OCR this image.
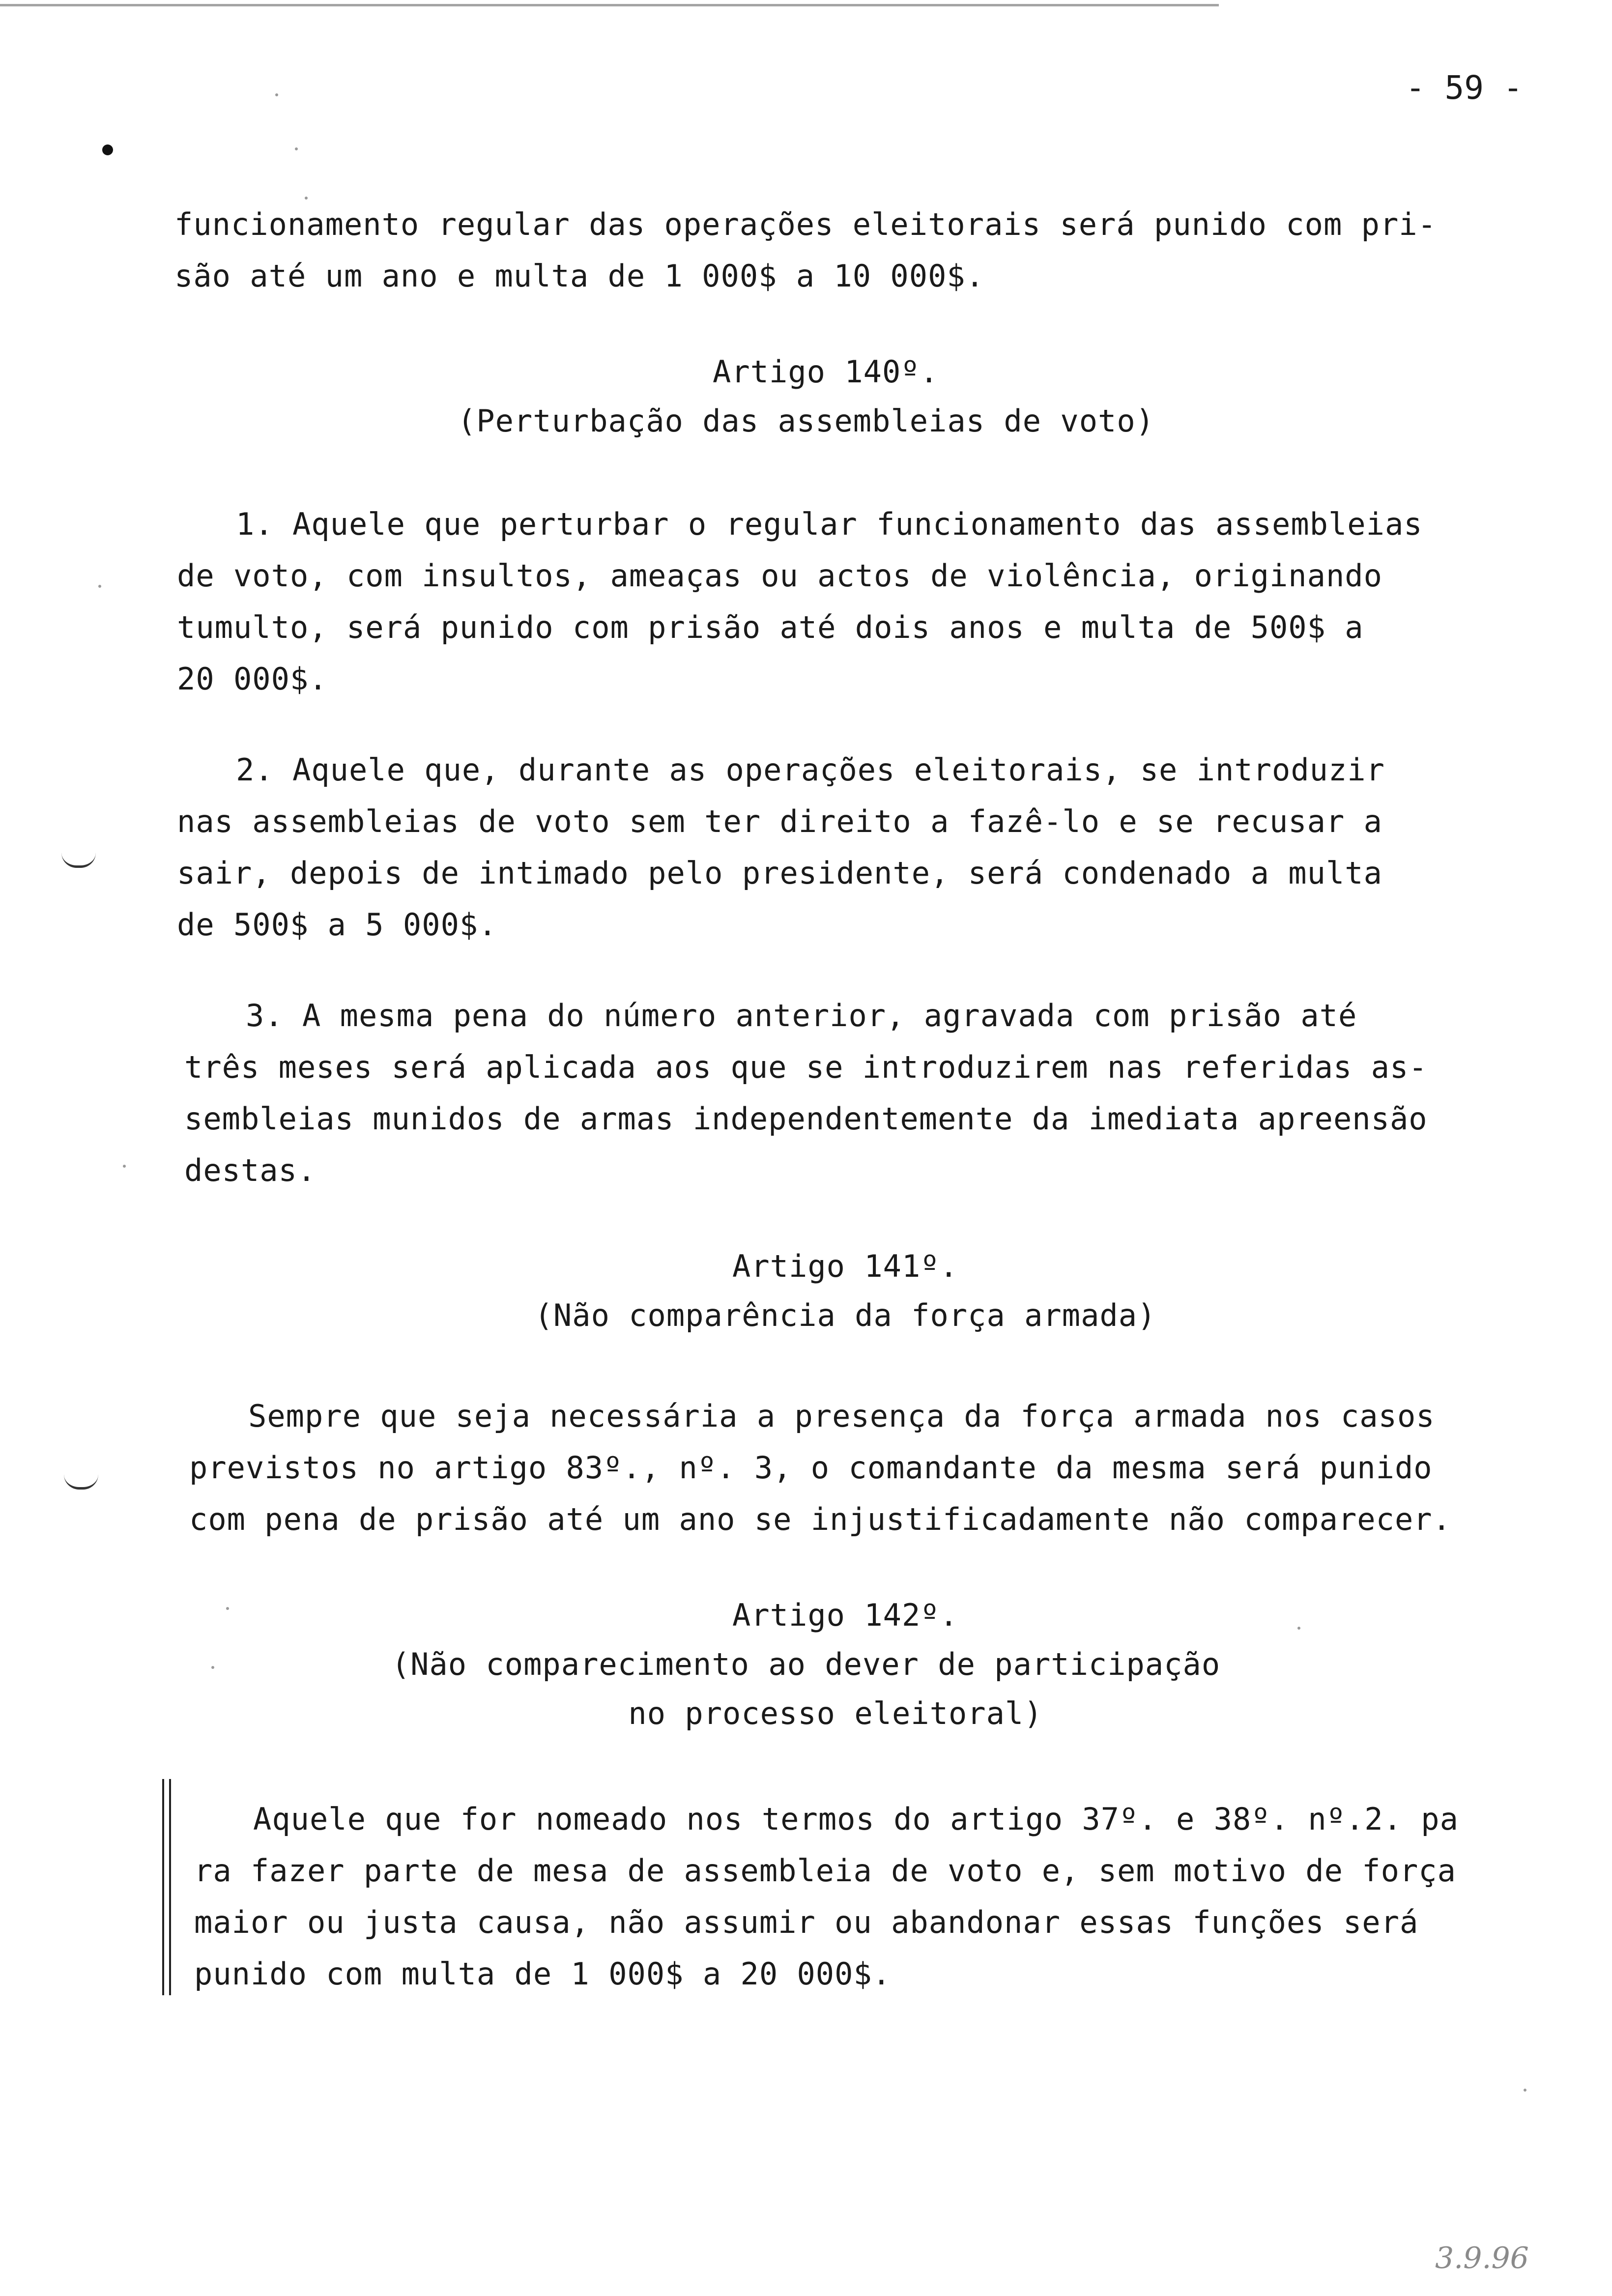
- 59 -
funcionamento regular das operações eleitorais será punido com pri-
são até um ano e multa de 1 000$ a 10 000$.
Artigo 140º.
(Perturbação das assembleias de voto)
1. Aquele que perturbar o regular funcionamento das assembleias
de voto, com insultos, ameaças ou actos de violência, originando
tumulto, será punido com prisão até dois anos e multa de 500$ a
20 000$.
2. Aquele que, durante as operações eleitorais, se introduzir
nas assembleias de voto sem ter direito a fazê-lo e se recusar a
sair, depois de intimado pelo presidente, será condenado a multa
de 500$ a 5 000$.
3. A mesma pena do número anterior, agravada com prisão até
três meses será aplicada aos que se introduzirem nas referidas as-
sembleias munidos de armas independentemente da imediata apreensão
destas.
Artigo 141º.
(Não comparência da força armada)
Sempre que seja necessária a presença da força armada nos casos
previstos no artigo 83º., nº. 3, o comandante da mesma será punido
com pena de prisão até um ano se injustificadamente não comparecer.
Artigo 142º.
(Não comparecimento ao dever de participação
no processo eleitoral)
Aquele que for nomeado nos termos do artigo 37º. e 38º. nº.2. pa
ra fazer parte de mesa de assembleia de voto e, sem motivo de força
maior ou justa causa, não assumir ou abandonar essas funções será
punido com multa de 1 000$ a 20 000$.
3.9.96
